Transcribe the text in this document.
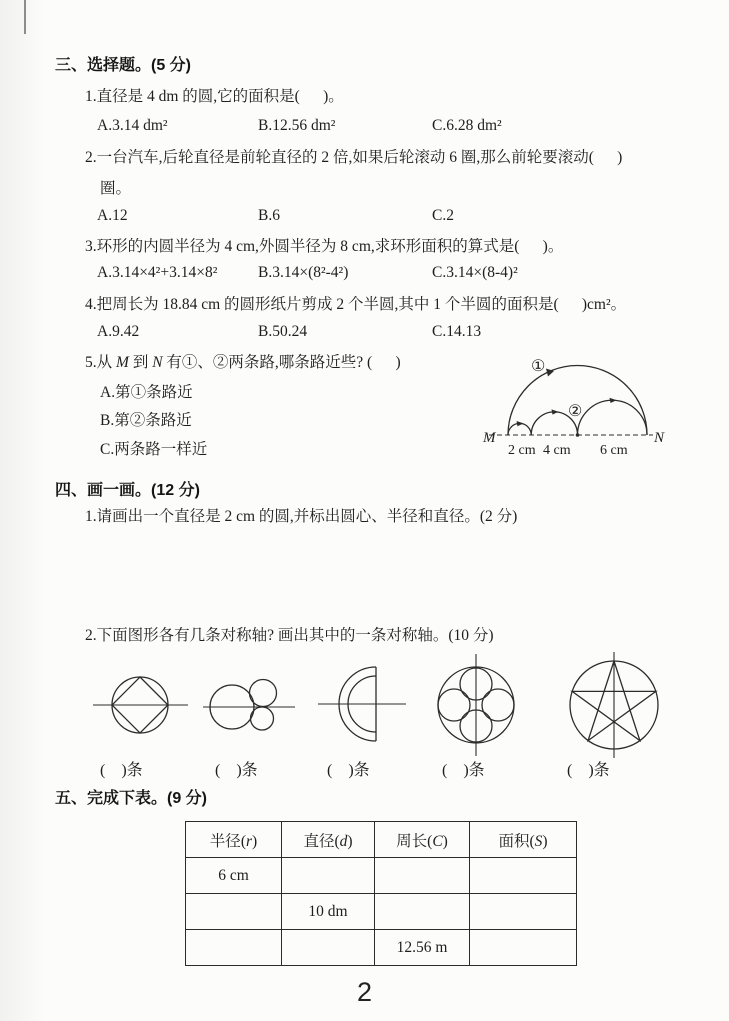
三、选择题。(5 分)
1.直径是 4 dm 的圆,它的面积是(      )。
A.3.14 dm²	B.12.56 dm²	C.6.28 dm²
2.一台汽车,后轮直径是前轮直径的 2 倍,如果后轮滚动 6 圈,那么前轮要滚动(      )
圈。
A.12	B.6	C.2
3.环形的内圆半径为 4 cm,外圆半径为 8 cm,求环形面积的算式是(      )。
A.3.14×4²+3.14×8²	B.3.14×(8²-4²)	C.3.14×(8-4)²
4.把周长为 18.84 cm 的圆形纸片剪成 2 个半圆,其中 1 个半圆的面积是(      )cm²。
A.9.42	B.50.24	C.14.13
5.从 M 到 N 有①、②两条路,哪条路近些? (      )
A.第①条路近
B.第②条路近
C.两条路一样近
①
②
M	N
2 cm 4 cm 6 cm
四、画一画。(12 分)
1.请画出一个直径是 2 cm 的圆,并标出圆心、半径和直径。(2 分)
2.下面图形各有几条对称轴? 画出其中的一条对称轴。(10 分)
(    )条	(    )条	(    )条	(    )条	(    )条
五、完成下表。(9 分)
半径(r)	直径(d)	周长(C)	面积(S)
6 cm			
	10 dm		
		12.56 m	
2
